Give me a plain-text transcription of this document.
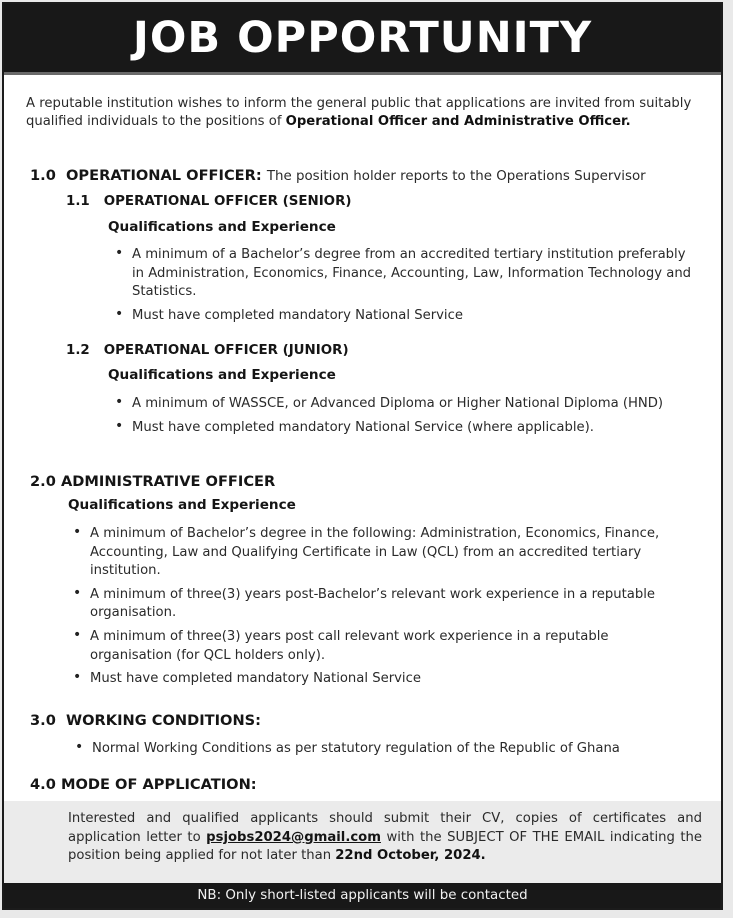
JOB OPPORTUNITY

A reputable institution wishes to inform the general public that applications are invited from suitably qualified individuals to the positions of Operational Officer and Administrative Officer.

1.0 OPERATIONAL OFFICER: The position holder reports to the Operations Supervisor
1.1 OPERATIONAL OFFICER (SENIOR)
Qualifications and Experience
• A minimum of a Bachelor’s degree from an accredited tertiary institution preferably in Administration, Economics, Finance, Accounting, Law, Information Technology and Statistics.
• Must have completed mandatory National Service
1.2 OPERATIONAL OFFICER (JUNIOR)
Qualifications and Experience
• A minimum of WASSCE, or Advanced Diploma or Higher National Diploma (HND)
• Must have completed mandatory National Service (where applicable).
2.0 ADMINISTRATIVE OFFICER
Qualifications and Experience
• A minimum of Bachelor’s degree in the following: Administration, Economics, Finance, Accounting, Law and Qualifying Certificate in Law (QCL) from an accredited tertiary institution.
• A minimum of three(3) years post-Bachelor’s relevant work experience in a reputable organisation.
• A minimum of three(3) years post call relevant work experience in a reputable organisation (for QCL holders only).
• Must have completed mandatory National Service
3.0 WORKING CONDITIONS:
• Normal Working Conditions as per statutory regulation of the Republic of Ghana
4.0 MODE OF APPLICATION:
Interested and qualified applicants should submit their CV, copies of certificates and application letter to psjobs2024@gmail.com with the SUBJECT OF THE EMAIL indicating the position being applied for not later than 22nd October, 2024.
NB: Only short-listed applicants will be contacted
